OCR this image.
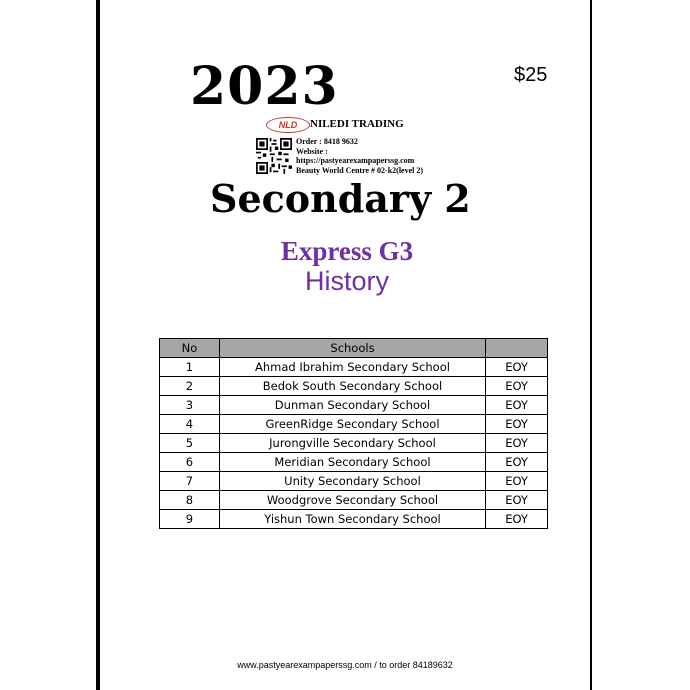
2023	$25
NLD	NILEDI TRADING
Order : 8418 9632
Website :
https://pastyearexampaperssg.com
Beauty World Centre # 02-k2(level 2)
Secondary 2
Express G3
History
No	Schools	
1	Ahmad Ibrahim Secondary School	EOY
2	Bedok South Secondary School	EOY
3	Dunman Secondary School	EOY
4	GreenRidge Secondary School	EOY
5	Jurongville Secondary School	EOY
6	Meridian Secondary School	EOY
7	Unity Secondary School	EOY
8	Woodgrove Secondary School	EOY
9	Yishun Town Secondary School	EOY
www.pastyearexampaperssg.com / to order 84189632
